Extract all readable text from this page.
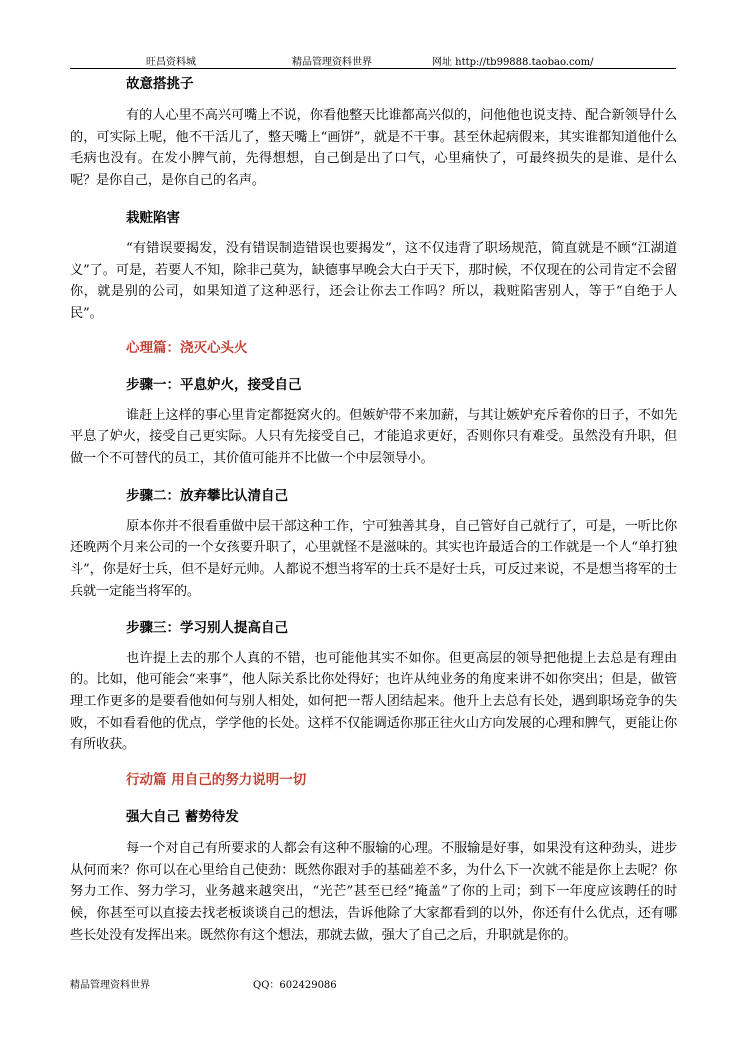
旺昌资料城	精品管理资料世界	网址 http://tb99888.taobao.com/
故意搭挑子

有的人心里不高兴可嘴上不说，你看他整天比谁都高兴似的，问他他也说支持、配合新领导什么的，可实际上呢，他不干活儿了，整天嘴上“画饼”，就是不干事。甚至休起病假来，其实谁都知道他什么毛病也没有。在发小脾气前，先得想想，自己倒是出了口气，心里痛快了，可最终损失的是谁、是什么呢？是你自己，是你自己的名声。

栽赃陷害

“有错误要揭发，没有错误制造错误也要揭发”，这不仅违背了职场规范，简直就是不顾“江湖道义”了。可是，若要人不知，除非己莫为，缺德事早晚会大白于天下，那时候，不仅现在的公司肯定不会留你，就是别的公司，如果知道了这种恶行，还会让你去工作吗？所以，栽赃陷害别人，等于“自绝于人民”。

心理篇：浇灭心头火
步骤一：平息妒火，接受自己

谁赶上这样的事心里肯定都挺窝火的。但嫉妒带不来加薪，与其让嫉妒充斥着你的日子，不如先平息了妒火，接受自己更实际。人只有先接受自己，才能追求更好，否则你只有难受。虽然没有升职，但做一个不可替代的员工，其价值可能并不比做一个中层领导小。

步骤二：放弃攀比认清自己

原本你并不很看重做中层干部这种工作，宁可独善其身，自己管好自己就行了，可是，一听比你还晚两个月来公司的一个女孩要升职了，心里就怪不是滋味的。其实也许最适合的工作就是一个人“单打独斗”，你是好士兵，但不是好元帅。人都说不想当将军的士兵不是好士兵，可反过来说，不是想当将军的士兵就一定能当将军的。

步骤三：学习别人提高自己

也许提上去的那个人真的不错，也可能他其实不如你。但更高层的领导把他提上去总是有理由的。比如，他可能会“来事”，他人际关系比你处得好；也许从纯业务的角度来讲不如你突出；但是，做管理工作更多的是要看他如何与别人相处，如何把一帮人团结起来。他升上去总有长处，遇到职场竞争的失败，不如看看他的优点，学学他的长处。这样不仅能调适你那正往火山方向发展的心理和脾气，更能让你有所收获。

行动篇 用自己的努力说明一切
强大自己 蓄势待发

每一个对自己有所要求的人都会有这种不服输的心理。不服输是好事，如果没有这种劲头，进步从何而来？你可以在心里给自己使劲：既然你跟对手的基础差不多，为什么下一次就不能是你上去呢？你努力工作、努力学习，业务越来越突出，“光芒”甚至已经“掩盖”了你的上司；到下一年度应该聘任的时候，你甚至可以直接去找老板谈谈自己的想法，告诉他除了大家都看到的以外，你还有什么优点，还有哪些长处没有发挥出来。既然你有这个想法，那就去做，强大了自己之后，升职就是你的。

精品管理资料世界	QQ：602429086
